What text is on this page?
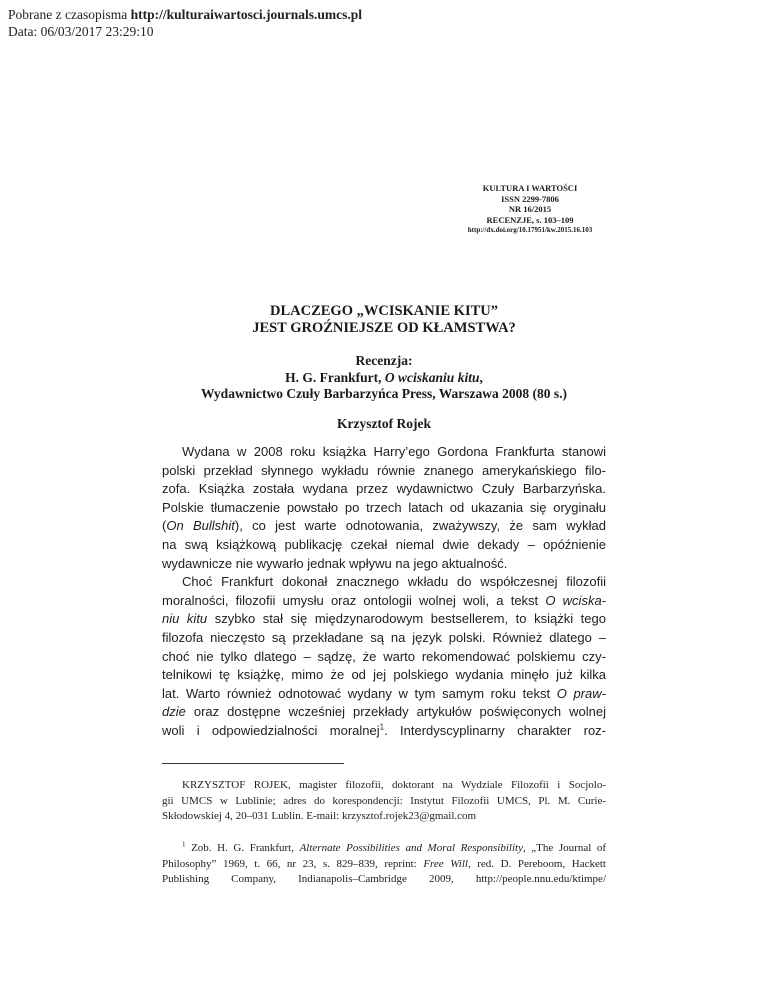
Pobrane z czasopisma http://kulturaiwartosci.journals.umcs.pl
Data: 06/03/2017 23:29:10
KULTURA I WARTOŚCI
ISSN 2299-7806
NR 16/2015
RECENZJE, s. 103–109
http://dx.doi.org/10.17951/kw.2015.16.103
DLACZEGO „WCISKANIE KITU”
JEST GROŹNIEJSZE OD KŁAMSTWA?
Recenzja:
H. G. Frankfurt, O wciskaniu kitu,
Wydawnictwo Czuły Barbarzyńca Press, Warszawa 2008 (80 s.)
Krzysztof Rojek
Wydana w 2008 roku książka Harry’ego Gordona Frankfurta stanowi
polski przekład słynnego wykładu równie znanego amerykańskiego filo-
zofa. Książka została wydana przez wydawnictwo Czuły Barbarzyńska.
Polskie tłumaczenie powstało po trzech latach od ukazania się oryginału
(On Bullshit), co jest warte odnotowania, zważywszy, że sam wykład
na swą książkową publikację czekał niemal dwie dekady – opóźnienie
wydawnicze nie wywarło jednak wpływu na jego aktualność.
Choć Frankfurt dokonał znacznego wkładu do współczesnej filozofii
moralności, filozofii umysłu oraz ontologii wolnej woli, a tekst O wciska-
niu kitu szybko stał się międzynarodowym bestsellerem, to książki tego
filozofa nieczęsto są przekładane są na język polski. Również dlatego –
choć nie tylko dlatego – sądzę, że warto rekomendować polskiemu czy-
telnikowi tę książkę, mimo że od jej polskiego wydania minęło już kilka
lat. Warto również odnotować wydany w tym samym roku tekst O praw-
dzie oraz dostępne wcześniej przekłady artykułów poświęconych wolnej
woli i odpowiedzialności moralnej$^1$. Interdyscyplinarny charakter roz-
KRZYSZTOF ROJEK, magister filozofii, doktorant na Wydziale Filozofii i Socjolo-
gii UMCS w Lublinie; adres do korespondencji: Instytut Filozofii UMCS, Pl. M. Curie-
Skłodowskiej 4, 20–031 Lublin. E-mail: krzysztof.rojek23@gmail.com
$^1$ Zob. H. G. Frankfurt, Alternate Possibilities and Moral Responsibility, „The Journal of
Philosophy” 1969, t. 66, nr 23, s. 829–839, reprint: Free Will, red. D. Pereboom, Hackett
Publishing Company, Indianapolis–Cambridge 2009, http://people.nnu.edu/ktimpe/
